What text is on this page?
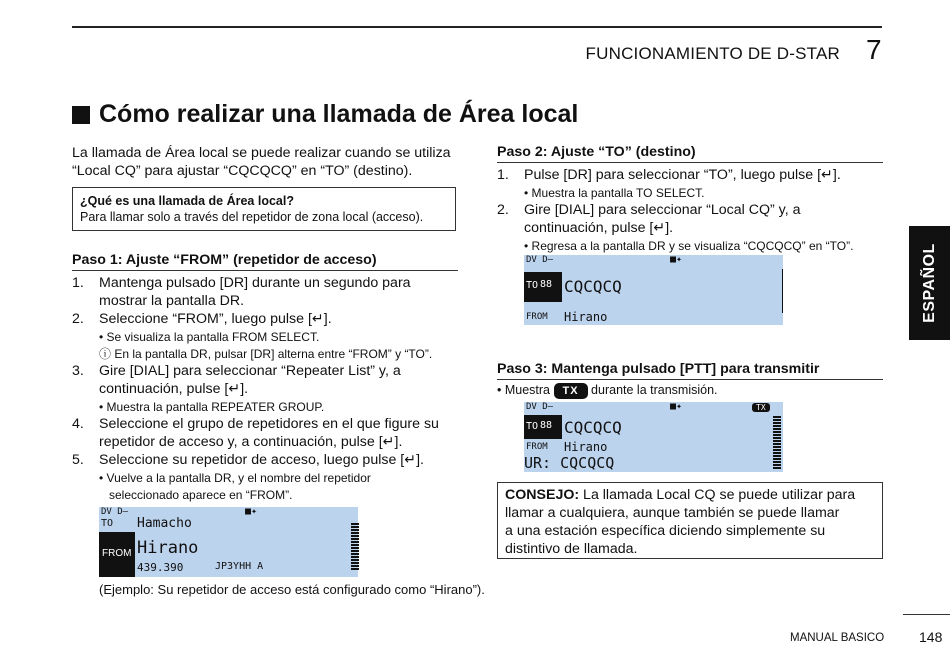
FUNCIONAMIENTO DE D-STAR 7
Cómo realizar una llamada de Área local
La llamada de Área local se puede realizar cuando se utiliza
“Local CQ” para ajustar “CQCQCQ” en “TO” (destino).
¿Qué es una llamada de Área local?
Para llamar solo a través del repetidor de zona local (acceso).
Paso 1: Ajuste “FROM” (repetidor de acceso)
1.	Mantenga pulsado [DR] durante un segundo para
mostrar la pantalla DR.
2.	Seleccione “FROM”, luego pulse [↵].
• Se visualiza la pantalla FROM SELECT.
ⓘ En la pantalla DR, pulsar [DR] alterna entre “FROM” y “TO”.
3.	Gire [DIAL] para seleccionar “Repeater List” y, a
continuación, pulse [↵].
• Muestra la pantalla REPEATER GROUP.
4.	Seleccione el grupo de repetidores en el que figure su
repetidor de acceso y, a continuación, pulse [↵].
5.	Seleccione su repetidor de acceso, luego pulse [↵].
• Vuelve a la pantalla DR, y el nombre del repetidor
seleccionado aparece en “FROM”.
DV D–	■✦
TO Hamacho
FROM Hirano
439.390	JP3YHH A
(Ejemplo: Su repetidor de acceso está configurado como “Hirano”).
Paso 2: Ajuste “TO” (destino)
1.	Pulse [DR] para seleccionar “TO”, luego pulse [↵].
• Muestra la pantalla TO SELECT.
2.	Gire [DIAL] para seleccionar “Local CQ” y, a
continuación, pulse [↵].
• Regresa a la pantalla DR y se visualiza “CQCQCQ” en “TO”.
DV D–	■✦
TO 88 CQCQCQ
FROM Hirano
Paso 3: Mantenga pulsado [PTT] para transmitir
• Muestra TX durante la transmisión.
DV D–	■✦	TX
TO 88 CQCQCQ
FROM Hirano
UR: CQCQCQ
CONSEJO: La llamada Local CQ se puede utilizar para
llamar a cualquiera, aunque también se puede llamar
a una estación específica diciendo simplemente su
distintivo de llamada.
ESPAÑOL
MANUAL BASICO 148
